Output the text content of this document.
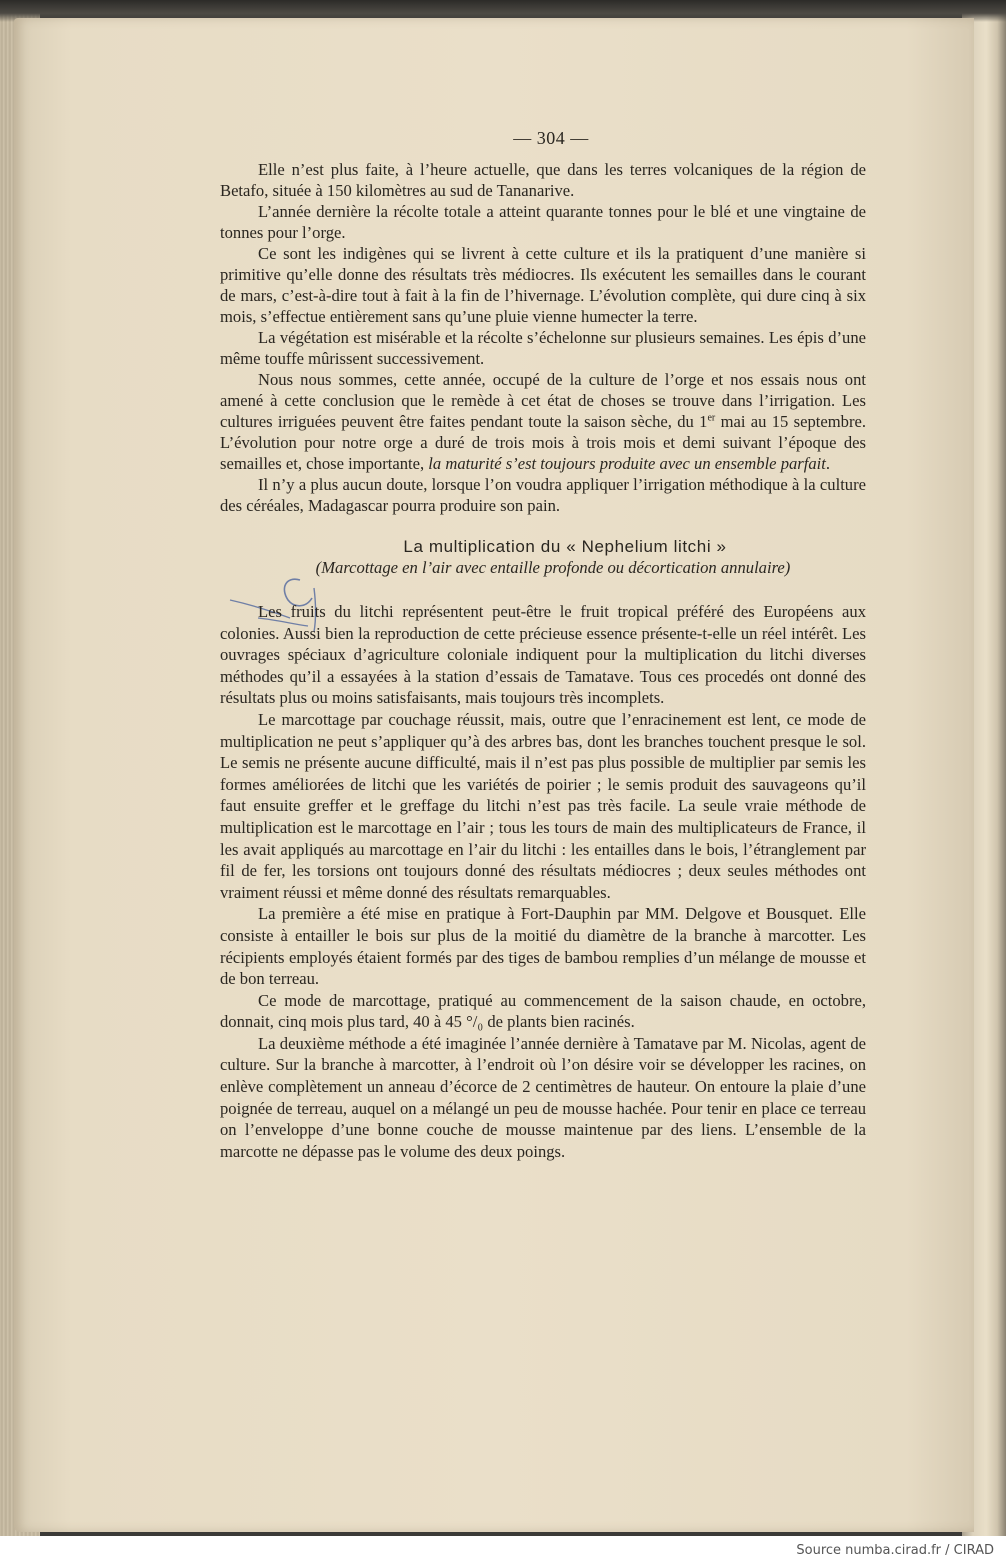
— 304 —

Elle n’est plus faite, à l’heure actuelle, que dans les terres volcaniques de la région de Betafo, située à 150 kilomètres au sud de Tananarive.

L’année dernière la récolte totale a atteint quarante tonnes pour le blé et une vingtaine de tonnes pour l’orge.

Ce sont les indigènes qui se livrent à cette culture et ils la pratiquent d’une manière si primitive qu’elle donne des résultats très médiocres. Ils exécutent les semailles dans le courant de mars, c’est-à-dire tout à fait à la fin de l’hivernage. L’évolution complète, qui dure cinq à six mois, s’effectue entièrement sans qu’une pluie vienne humecter la terre.

La végétation est misérable et la récolte s’échelonne sur plusieurs semaines. Les épis d’une même touffe mûrissent successivement.

Nous nous sommes, cette année, occupé de la culture de l’orge et nos essais nous ont amené à cette conclusion que le remède à cet état de choses se trouve dans l’irrigation. Les cultures irriguées peuvent être faites pendant toute la saison sèche, du 1er mai au 15 septembre. L’évolution pour notre orge a duré de trois mois à trois mois et demi suivant l’époque des semailles et, chose importante, la maturité s’est toujours produite avec un ensemble parfait.

Il n’y a plus aucun doute, lorsque l’on voudra appliquer l’irrigation méthodique à la culture des céréales, Madagascar pourra produire son pain.

La multiplication du « Nephelium litchi »
(Marcottage en l’air avec entaille profonde ou décortication annulaire)

Les fruits du litchi représentent peut-être le fruit tropical préféré des Européens aux colonies. Aussi bien la reproduction de cette précieuse essence présente-t-elle un réel intérêt. Les ouvrages spéciaux d’agriculture coloniale indiquent pour la multiplication du litchi diverses méthodes qu’il a essayées à la station d’essais de Tamatave. Tous ces procedés ont donné des résultats plus ou moins satisfaisants, mais toujours très incomplets.

Le marcottage par couchage réussit, mais, outre que l’enracinement est lent, ce mode de multiplication ne peut s’appliquer qu’à des arbres bas, dont les branches touchent presque le sol. Le semis ne présente aucune difficulté, mais il n’est pas plus possible de multiplier par semis les formes améliorées de litchi que les variétés de poirier ; le semis produit des sauvageons qu’il faut ensuite greffer et le greffage du litchi n’est pas très facile. La seule vraie méthode de multiplication est le marcottage en l’air ; tous les tours de main des multiplicateurs de France, il les avait appliqués au marcottage en l’air du litchi : les entailles dans le bois, l’étranglement par fil de fer, les torsions ont toujours donné des résultats médiocres ; deux seules méthodes ont vraiment réussi et même donné des résultats remarquables.

La première a été mise en pratique à Fort-Dauphin par MM. Delgove et Bousquet. Elle consiste à entailler le bois sur plus de la moitié du diamètre de la branche à marcotter. Les récipients employés étaient formés par des tiges de bambou remplies d’un mélange de mousse et de bon terreau.

Ce mode de marcottage, pratiqué au commencement de la saison chaude, en octobre, donnait, cinq mois plus tard, 40 à 45 °/₀ de plants bien racinés.

La deuxième méthode a été imaginée l’année dernière à Tamatave par M. Nicolas, agent de culture. Sur la branche à marcotter, à l’endroit où l’on désire voir se développer les racines, on enlève complètement un anneau d’écorce de 2 centimètres de hauteur. On entoure la plaie d’une poignée de terreau, auquel on a mélangé un peu de mousse hachée. Pour tenir en place ce terreau on l’enveloppe d’une bonne couche de mousse maintenue par des liens. L’ensemble de la marcotte ne dépasse pas le volume des deux poings.

Source numba.cirad.fr / CIRAD
